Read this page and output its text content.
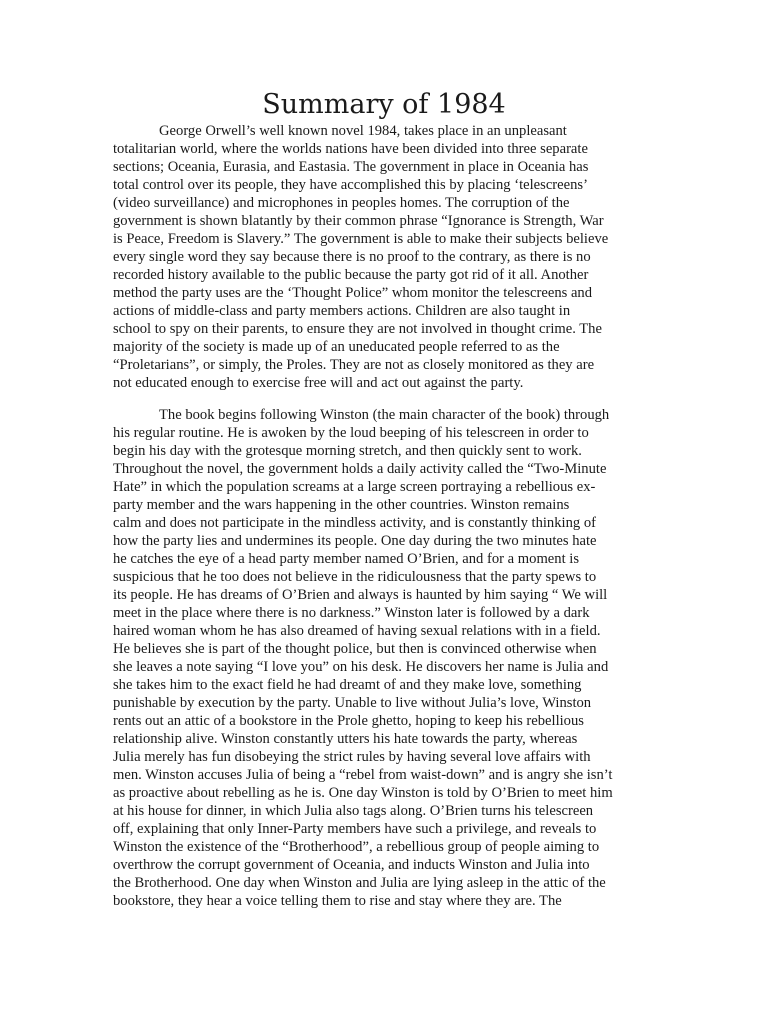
Summary of 1984
George Orwell’s well known novel 1984, takes place in an unpleasant
totalitarian world, where the worlds nations have been divided into three separate
sections; Oceania, Eurasia, and Eastasia. The government in place in Oceania has
total control over its people, they have accomplished this by placing ‘telescreens’
(video surveillance) and microphones in peoples homes. The corruption of the
government is shown blatantly by their common phrase “Ignorance is Strength, War
is Peace, Freedom is Slavery.” The government is able to make their subjects believe
every single word they say because there is no proof to the contrary, as there is no
recorded history available to the public because the party got rid of it all. Another
method the party uses are the ‘Thought Police” whom monitor the telescreens and
actions of middle-class and party members actions. Children are also taught in
school to spy on their parents, to ensure they are not involved in thought crime. The
majority of the society is made up of an uneducated people referred to as the
“Proletarians”, or simply, the Proles. They are not as closely monitored as they are
not educated enough to exercise free will and act out against the party.
The book begins following Winston (the main character of the book) through
his regular routine. He is awoken by the loud beeping of his telescreen in order to
begin his day with the grotesque morning stretch, and then quickly sent to work.
Throughout the novel, the government holds a daily activity called the “Two-Minute
Hate” in which the population screams at a large screen portraying a rebellious ex-
party member and the wars happening in the other countries. Winston remains
calm and does not participate in the mindless activity, and is constantly thinking of
how the party lies and undermines its people. One day during the two minutes hate
he catches the eye of a head party member named O’Brien, and for a moment is
suspicious that he too does not believe in the ridiculousness that the party spews to
its people. He has dreams of O’Brien and always is haunted by him saying “ We will
meet in the place where there is no darkness.” Winston later is followed by a dark
haired woman whom he has also dreamed of having sexual relations with in a field.
He believes she is part of the thought police, but then is convinced otherwise when
she leaves a note saying “I love you” on his desk. He discovers her name is Julia and
she takes him to the exact field he had dreamt of and they make love, something
punishable by execution by the party. Unable to live without Julia’s love, Winston
rents out an attic of a bookstore in the Prole ghetto, hoping to keep his rebellious
relationship alive. Winston constantly utters his hate towards the party, whereas
Julia merely has fun disobeying the strict rules by having several love affairs with
men. Winston accuses Julia of being a “rebel from waist-down” and is angry she isn’t
as proactive about rebelling as he is. One day Winston is told by O’Brien to meet him
at his house for dinner, in which Julia also tags along. O’Brien turns his telescreen
off, explaining that only Inner-Party members have such a privilege, and reveals to
Winston the existence of the “Brotherhood”, a rebellious group of people aiming to
overthrow the corrupt government of Oceania, and inducts Winston and Julia into
the Brotherhood. One day when Winston and Julia are lying asleep in the attic of the
bookstore, they hear a voice telling them to rise and stay where they are. The
